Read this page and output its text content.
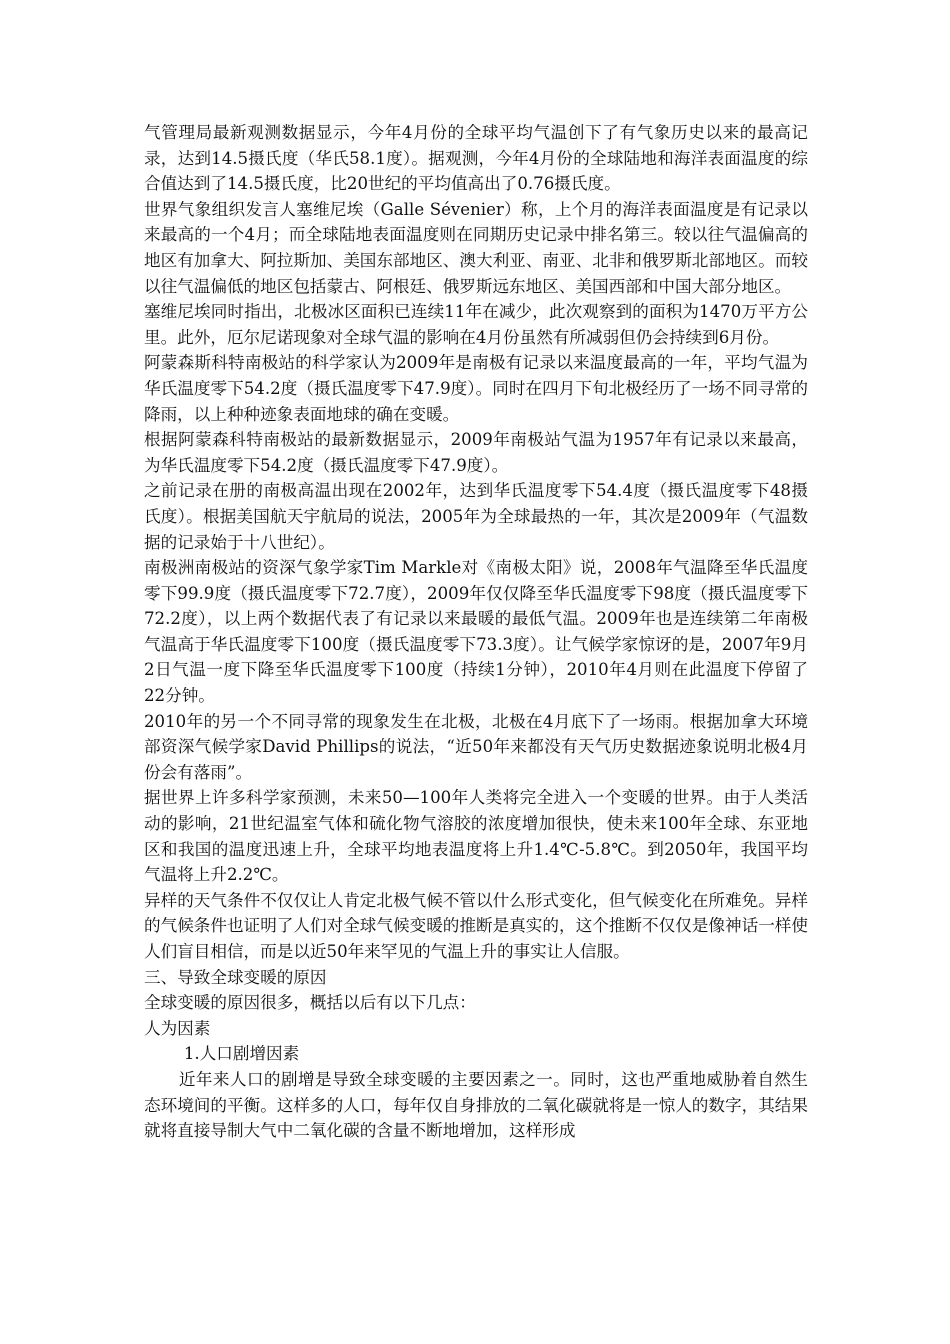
气管理局最新观测数据显示，今年4月份的全球平均气温创下了有气象历史以来的最高记录，达到14.5摄氏度（华氏58.1度）。据观测，今年4月份的全球陆地和海洋表面温度的综合值达到了14.5摄氏度，比20世纪的平均值高出了0.76摄氏度。

世界气象组织发言人塞维尼埃（Galle Sévenier）称，上个月的海洋表面温度是有记录以来最高的一个4月；而全球陆地表面温度则在同期历史记录中排名第三。较以往气温偏高的地区有加拿大、阿拉斯加、美国东部地区、澳大利亚、南亚、北非和俄罗斯北部地区。而较以往气温偏低的地区包括蒙古、阿根廷、俄罗斯远东地区、美国西部和中国大部分地区。

塞维尼埃同时指出，北极冰区面积已连续11年在减少，此次观察到的面积为1470万平方公里。此外，厄尔尼诺现象对全球气温的影响在4月份虽然有所减弱但仍会持续到6月份。

阿蒙森斯科特南极站的科学家认为2009年是南极有记录以来温度最高的一年，平均气温为华氏温度零下54.2度（摄氏温度零下47.9度）。同时在四月下旬北极经历了一场不同寻常的降雨，以上种种迹象表面地球的确在变暖。

根据阿蒙森科特南极站的最新数据显示，2009年南极站气温为1957年有记录以来最高，为华氏温度零下54.2度（摄氏温度零下47.9度）。

之前记录在册的南极高温出现在2002年，达到华氏温度零下54.4度（摄氏温度零下48摄氏度）。根据美国航天宇航局的说法，2005年为全球最热的一年，其次是2009年（气温数据的记录始于十八世纪）。

南极洲南极站的资深气象学家Tim Markle对《南极太阳》说，2008年气温降至华氏温度零下99.9度（摄氏温度零下72.7度），2009年仅仅降至华氏温度零下98度（摄氏温度零下72.2度），以上两个数据代表了有记录以来最暖的最低气温。2009年也是连续第二年南极气温高于华氏温度零下100度（摄氏温度零下73.3度）。让气候学家惊讶的是，2007年9月2日气温一度下降至华氏温度零下100度（持续1分钟），2010年4月则在此温度下停留了22分钟。

2010年的另一个不同寻常的现象发生在北极，北极在4月底下了一场雨。根据加拿大环境部资深气候学家David Phillips的说法，“近50年来都没有天气历史数据迹象说明北极4月份会有落雨”。

据世界上许多科学家预测，未来50—100年人类将完全进入一个变暖的世界。由于人类活动的影响，21世纪温室气体和硫化物气溶胶的浓度增加很快，使未来100年全球、东亚地区和我国的温度迅速上升，全球平均地表温度将上升1.4℃-5.8℃。到2050年，我国平均气温将上升2.2℃。

异样的天气条件不仅仅让人肯定北极气候不管以什么形式变化，但气候变化在所难免。异样的气候条件也证明了人们对全球气候变暖的推断是真实的，这个推断不仅仅是像神话一样使人们盲目相信，而是以近50年来罕见的气温上升的事实让人信服。

三、导致全球变暖的原因

全球变暖的原因很多，概括以后有以下几点：

人为因素

1.人口剧增因素

近年来人口的剧增是导致全球变暖的主要因素之一。同时，这也严重地威胁着自然生态环境间的平衡。这样多的人口，每年仅自身排放的二氧化碳就将是一惊人的数字，其结果就将直接导制大气中二氧化碳的含量不断地增加，这样形成
